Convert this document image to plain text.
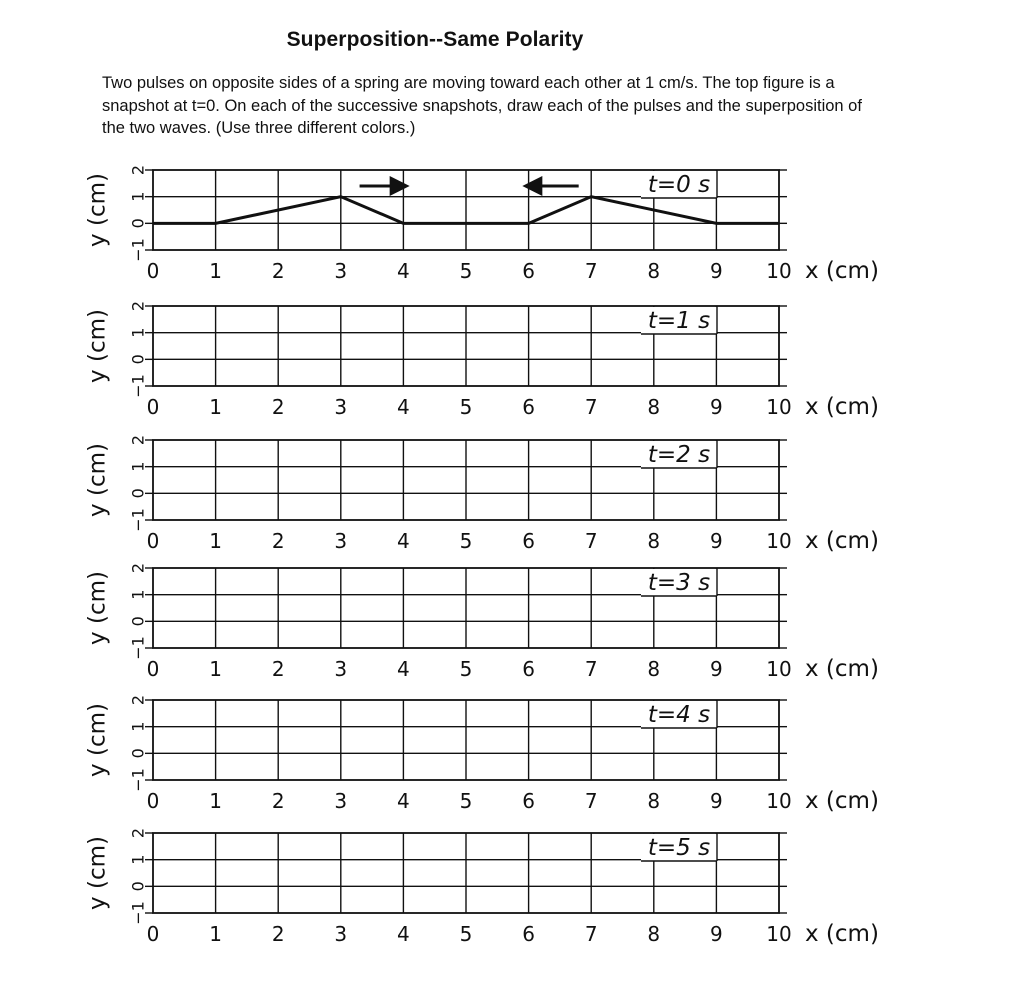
Superposition--Same Polarity

Two pulses on opposite sides of a spring are moving toward each other at 1 cm/s. The top figure is a snapshot at t=0. On each of the successive snapshots, draw each of the pulses and the superposition of the two waves. (Use three different colors.)

2
1
0
−1
y (cm)
0 1 2 3 4 5 6 7 8 9 10 x (cm)
t=0 s
2
1
0
−1
y (cm)
0 1 2 3 4 5 6 7 8 9 10 x (cm)
t=1 s
2
1
0
−1
y (cm)
0 1 2 3 4 5 6 7 8 9 10 x (cm)
t=2 s
2
1
0
−1
y (cm)
0 1 2 3 4 5 6 7 8 9 10 x (cm)
t=3 s
2
1
0
−1
y (cm)
0 1 2 3 4 5 6 7 8 9 10 x (cm)
t=4 s
2
1
0
−1
y (cm)
0 1 2 3 4 5 6 7 8 9 10 x (cm)
t=5 s
